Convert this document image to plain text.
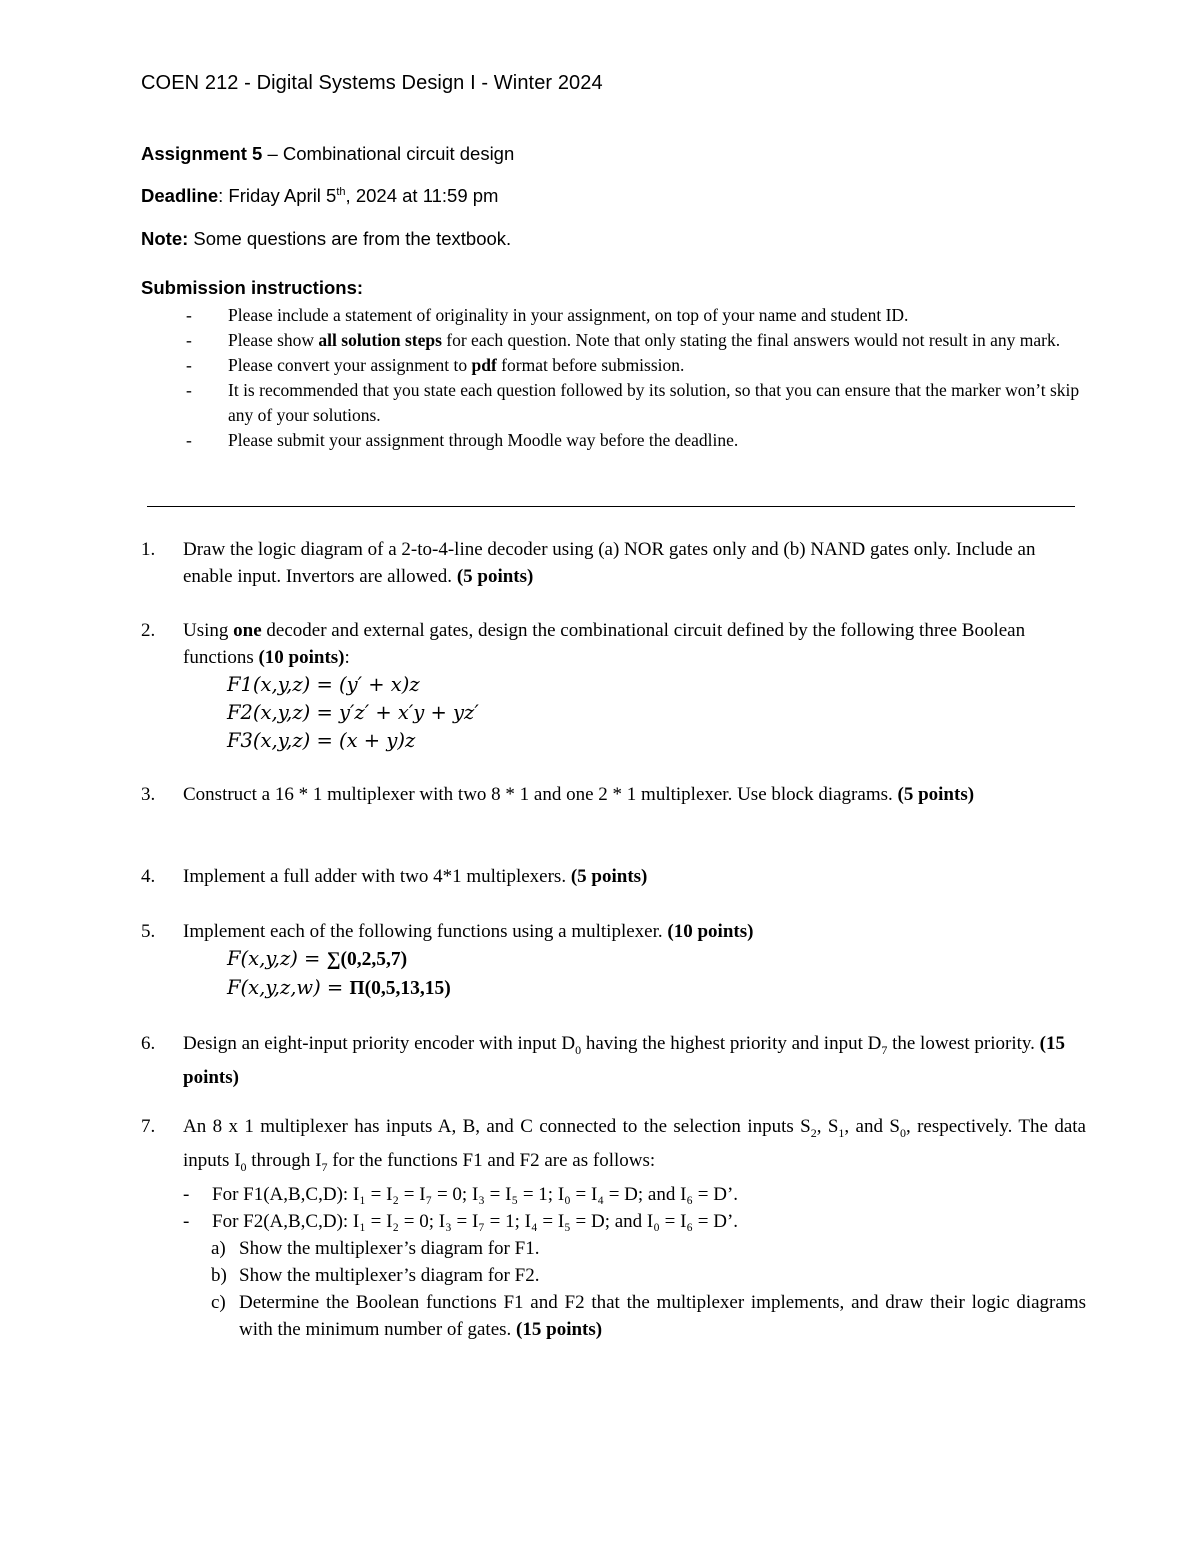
COEN 212 - Digital Systems Design I - Winter 2024
Assignment 5 – Combinational circuit design
Deadline: Friday April 5th, 2024 at 11:59 pm
Note: Some questions are from the textbook.
Submission instructions:
- Please include a statement of originality in your assignment, on top of your name and student ID.
- Please show all solution steps for each question. Note that only stating the final answers would not result in any mark.
- Please convert your assignment to pdf format before submission.
- It is recommended that you state each question followed by its solution, so that you can ensure that the marker won’t skip any of your solutions.
- Please submit your assignment through Moodle way before the deadline.
1. Draw the logic diagram of a 2-to-4-line decoder using (a) NOR gates only and (b) NAND gates only. Include an enable input. Invertors are allowed. (5 points)
2. Using one decoder and external gates, design the combinational circuit defined by the following three Boolean functions (10 points):
F1(x,y,z) = (y′ + x)z
F2(x,y,z) = y′z′ + x′y + yz′
F3(x,y,z) = (x + y)z
3. Construct a 16 * 1 multiplexer with two 8 * 1 and one 2 * 1 multiplexer. Use block diagrams. (5 points)
4. Implement a full adder with two 4*1 multiplexers. (5 points)
5. Implement each of the following functions using a multiplexer. (10 points)
F(x,y,z) = ∑(0,2,5,7)
F(x,y,z,w) = Π(0,5,13,15)
6. Design an eight-input priority encoder with input $D_0$ having the highest priority and input $D_7$ the lowest priority. (15 points)
7. An 8 x 1 multiplexer has inputs A, B, and C connected to the selection inputs $S_2$, $S_1$, and $S_0$, respectively. The data inputs $I_0$ through $I_7$ for the functions F1 and F2 are as follows:
- For F1(A,B,C,D): I₁ = I₂ = I₇ = 0; I₃ = I₅ = 1; I₀ = I₄ = D; and I₆ = D’.
- For F2(A,B,C,D): I₁ = I₂ = 0; I₃ = I₇ = 1; I₄ = I₅ = D; and I₀ = I₆ = D’.
a) Show the multiplexer’s diagram for F1.
b) Show the multiplexer’s diagram for F2.
c) Determine the Boolean functions F1 and F2 that the multiplexer implements, and draw their logic diagrams with the minimum number of gates. (15 points)
